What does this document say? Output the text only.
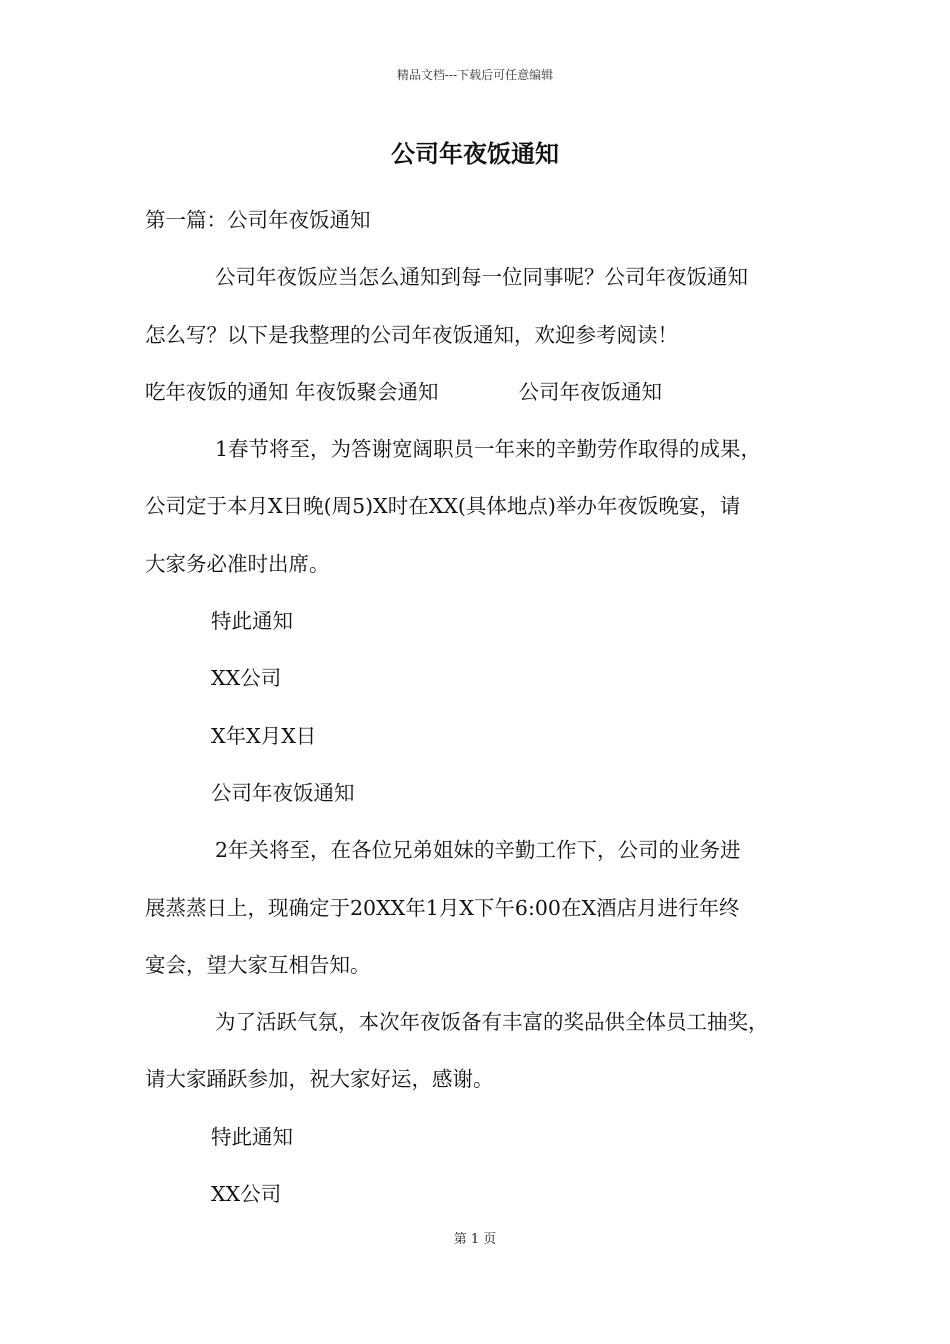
精品文档---下载后可任意编辑
公司年夜饭通知
第一篇：公司年夜饭通知
公司年夜饭应当怎么通知到每一位同事呢？公司年夜饭通知
怎么写？以下是我整理的公司年夜饭通知，欢迎参考阅读！
吃年夜饭的通知 年夜饭聚会通知	公司年夜饭通知
1春节将至，为答谢宽阔职员一年来的辛勤劳作取得的成果，
公司定于本月X日晚(周5)X时在XX(具体地点)举办年夜饭晚宴，请
大家务必准时出席。
特此通知
XX公司
X年X月X日
公司年夜饭通知
2年关将至，在各位兄弟姐妹的辛勤工作下，公司的业务进
展蒸蒸日上，现确定于20XX年1月X下午6:00在X酒店月进行年终
宴会，望大家互相告知。
为了活跃气氛，本次年夜饭备有丰富的奖品供全体员工抽奖，
请大家踊跃参加，祝大家好运，感谢。
特此通知
XX公司
第 1 页
